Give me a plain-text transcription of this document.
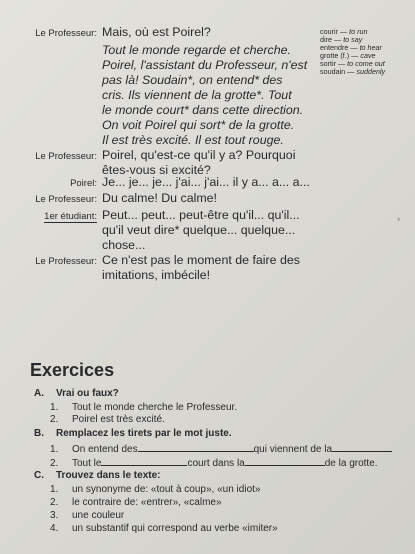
Le Professeur: Mais, où est Poirel?
Tout le monde regarde et cherche.
Poirel, l'assistant du Professeur, n'est
pas là! Soudain*, on entend* des
cris. Ils viennent de la grotte*. Tout
le monde court* dans cette direction.
On voit Poirel qui sort* de la grotte.
Il est très excité. Il est tout rouge.
Le Professeur: Poirel, qu'est-ce qu'il y a? Pourquoi
êtes-vous si excité?
Poirel: Je... je... je... j'ai... j'ai... il y a... a... a...
Le Professeur: Du calme! Du calme!
1er étudiant: Peut... peut... peut-être qu'il... qu'il...
qu'il veut dire* quelque... quelque...
chose...
Le Professeur: Ce n'est pas le moment de faire des
imitations, imbécile!
*
courir — to run
dire — to say
entendre — to hear
grotte (f.) — cave
sortir — to come out
soudain — suddenly
Exercices
A. Vrai ou faux?
1. Tout le monde cherche le Professeur.
2. Poirel est très excité.
B. Remplacez les tirets par le mot juste.
1. On entend des	qui viennent de la
2. Tout le	court dans la	de la grotte.
C. Trouvez dans le texte:
1. un synonyme de: «tout à coup», «un idiot»
2. le contraire de: «entrer», «calme»
3. une couleur
4. un substantif qui correspond au verbe «imiter»
